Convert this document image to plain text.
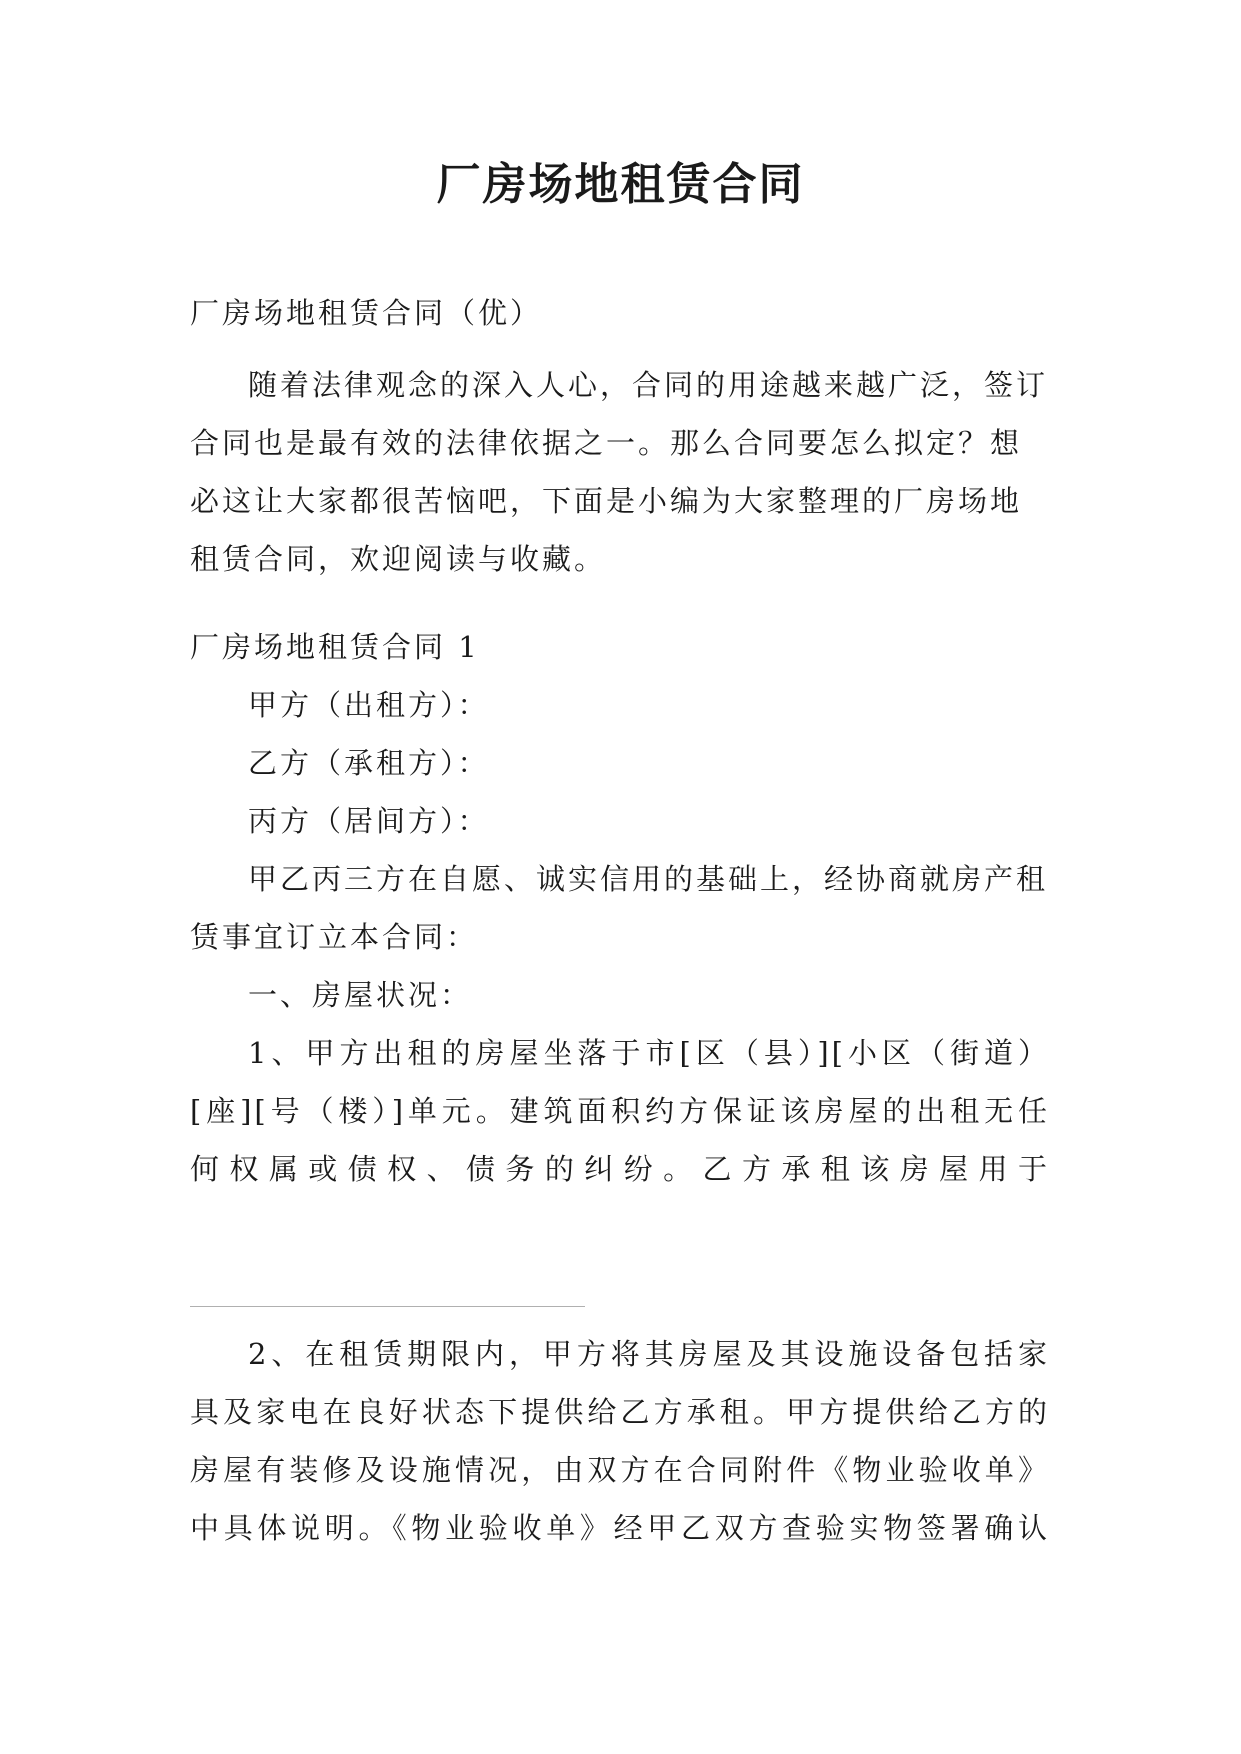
厂房场地租赁合同

厂房场地租赁合同（优）

随着法律观念的深入人心，合同的用途越来越广泛，签订合同也是最有效的法律依据之一。那么合同要怎么拟定？想必这让大家都很苦恼吧，下面是小编为大家整理的厂房场地租赁合同，欢迎阅读与收藏。

厂房场地租赁合同 1

甲方（出租方）：

乙方（承租方）：

丙方（居间方）：

甲乙丙三方在自愿、诚实信用的基础上，经协商就房产租赁事宜订立本合同：

一、房屋状况：

1、甲方出租的房屋坐落于市[区（县）][小区（街道）

[座][号（楼）]单元。建筑面积约方保证该房屋的出租无任

何权属或债权、债务的纠纷。乙方承租该房屋用于

2、在租赁期限内，甲方将其房屋及其设施设备包括家

具及家电在良好状态下提供给乙方承租。甲方提供给乙方的

房屋有装修及设施情况，由双方在合同附件《物业验收单》

中具体说明。《物业验收单》经甲乙双方查验实物签署确认
